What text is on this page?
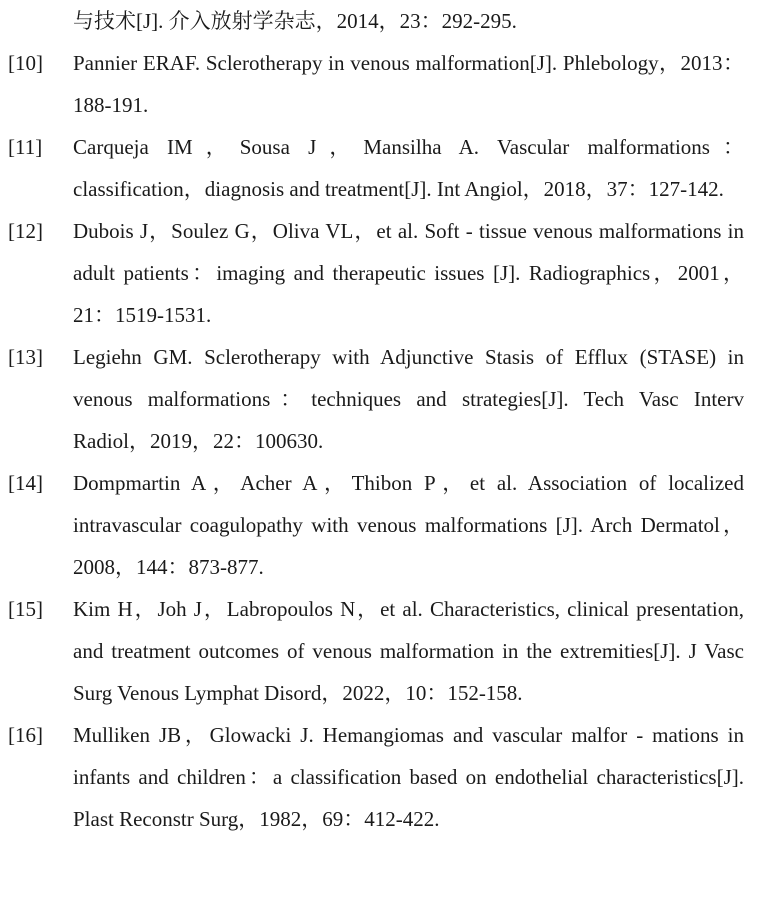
与技术[J]. 介入放射学杂志，2014，23：292-295.
[10] Pannier ERAF. Sclerotherapy in venous malformation[J]. Phlebology，2013：188-191.
[11] Carqueja IM，Sousa J，Mansilha A. Vascular malformations：classification，diagnosis and treatment[J]. Int Angiol，2018，37：127-142.
[12] Dubois J，Soulez G，Oliva VL，et al. Soft - tissue venous malformations in adult patients：imaging and therapeutic issues [J]. Radiographics，2001，21：1519-1531.
[13] Legiehn GM. Sclerotherapy with Adjunctive Stasis of Efflux (STASE) in venous malformations：techniques and strategies[J]. Tech Vasc Interv Radiol，2019，22：100630.
[14] Dompmartin A，Acher A，Thibon P，et al. Association of localized intravascular coagulopathy with venous malformations [J]. Arch Dermatol，2008，144：873-877.
[15] Kim H，Joh J，Labropoulos N，et al. Characteristics, clinical presentation, and treatment outcomes of venous malformation in the extremities[J]. J Vasc Surg Venous Lymphat Disord，2022，10：152-158.
[16] Mulliken JB，Glowacki J. Hemangiomas and vascular malfor - mations in infants and children：a classification based on endothelial characteristics[J]. Plast Reconstr Surg，1982，69：412-422.
